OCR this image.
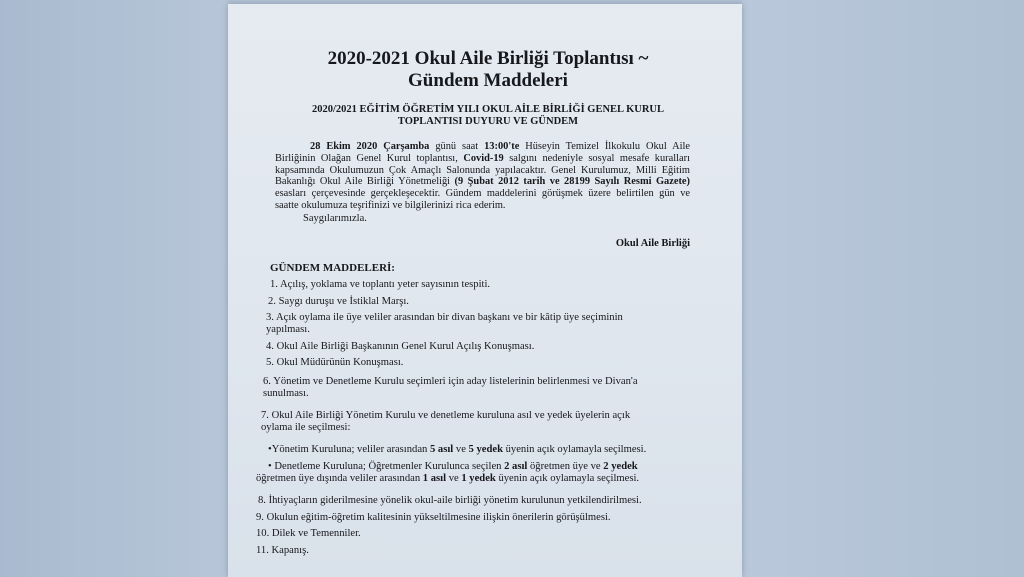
2020-2021 Okul Aile Birliği Toplantısı ~
Gündem Maddeleri
2020/2021 EĞİTİM ÖĞRETİM YILI OKUL AİLE BİRLİĞİ GENEL KURUL
TOPLANTISI DUYURU VE GÜNDEM
28 Ekim 2020 Çarşamba günü saat 13:00'te Hüseyin Temizel İlkokulu Okul Aile Birliğinin Olağan Genel Kurul toplantısı, Covid-19 salgını nedeniyle sosyal mesafe kuralları kapsamında Okulumuzun Çok Amaçlı Salonunda yapılacaktır. Genel Kurulumuz, Milli Eğitim Bakanlığı Okul Aile Birliği Yönetmeliği (9 Şubat 2012 tarih ve 28199 Sayılı Resmi Gazete) esasları çerçevesinde gerçekleşecektir. Gündem maddelerini görüşmek üzere belirtilen gün ve saatte okulumuza teşrifinizi ve bilgilerinizi rica ederim.
Saygılarımızla.
Okul Aile Birliği
GÜNDEM MADDELERİ:
1. Açılış, yoklama ve toplantı yeter sayısının tespiti.
2. Saygı duruşu ve İstiklal Marşı.
3. Açık oylama ile üye veliler arasından bir divan başkanı ve bir kâtip üye seçiminin
yapılması.
4. Okul Aile Birliği Başkanının Genel Kurul Açılış Konuşması.
5. Okul Müdürünün Konuşması.
6. Yönetim ve Denetleme Kurulu seçimleri için aday listelerinin belirlenmesi ve Divan'a
sunulması.
7. Okul Aile Birliği Yönetim Kurulu ve denetleme kuruluna asıl ve yedek üyelerin açık
oylama ile seçilmesi:
•Yönetim Kuruluna; veliler arasından 5 asıl ve 5 yedek üyenin açık oylamayla seçilmesi.
• Denetleme Kuruluna; Öğretmenler Kurulunca seçilen 2 asıl öğretmen üye ve 2 yedek
öğretmen üye dışında veliler arasından 1 asıl ve 1 yedek üyenin açık oylamayla seçilmesi.
8. İhtiyaçların giderilmesine yönelik okul-aile birliği yönetim kurulunun yetkilendirilmesi.
9. Okulun eğitim-öğretim kalitesinin yükseltilmesine ilişkin önerilerin görüşülmesi.
10. Dilek ve Temenniler.
11. Kapanış.
